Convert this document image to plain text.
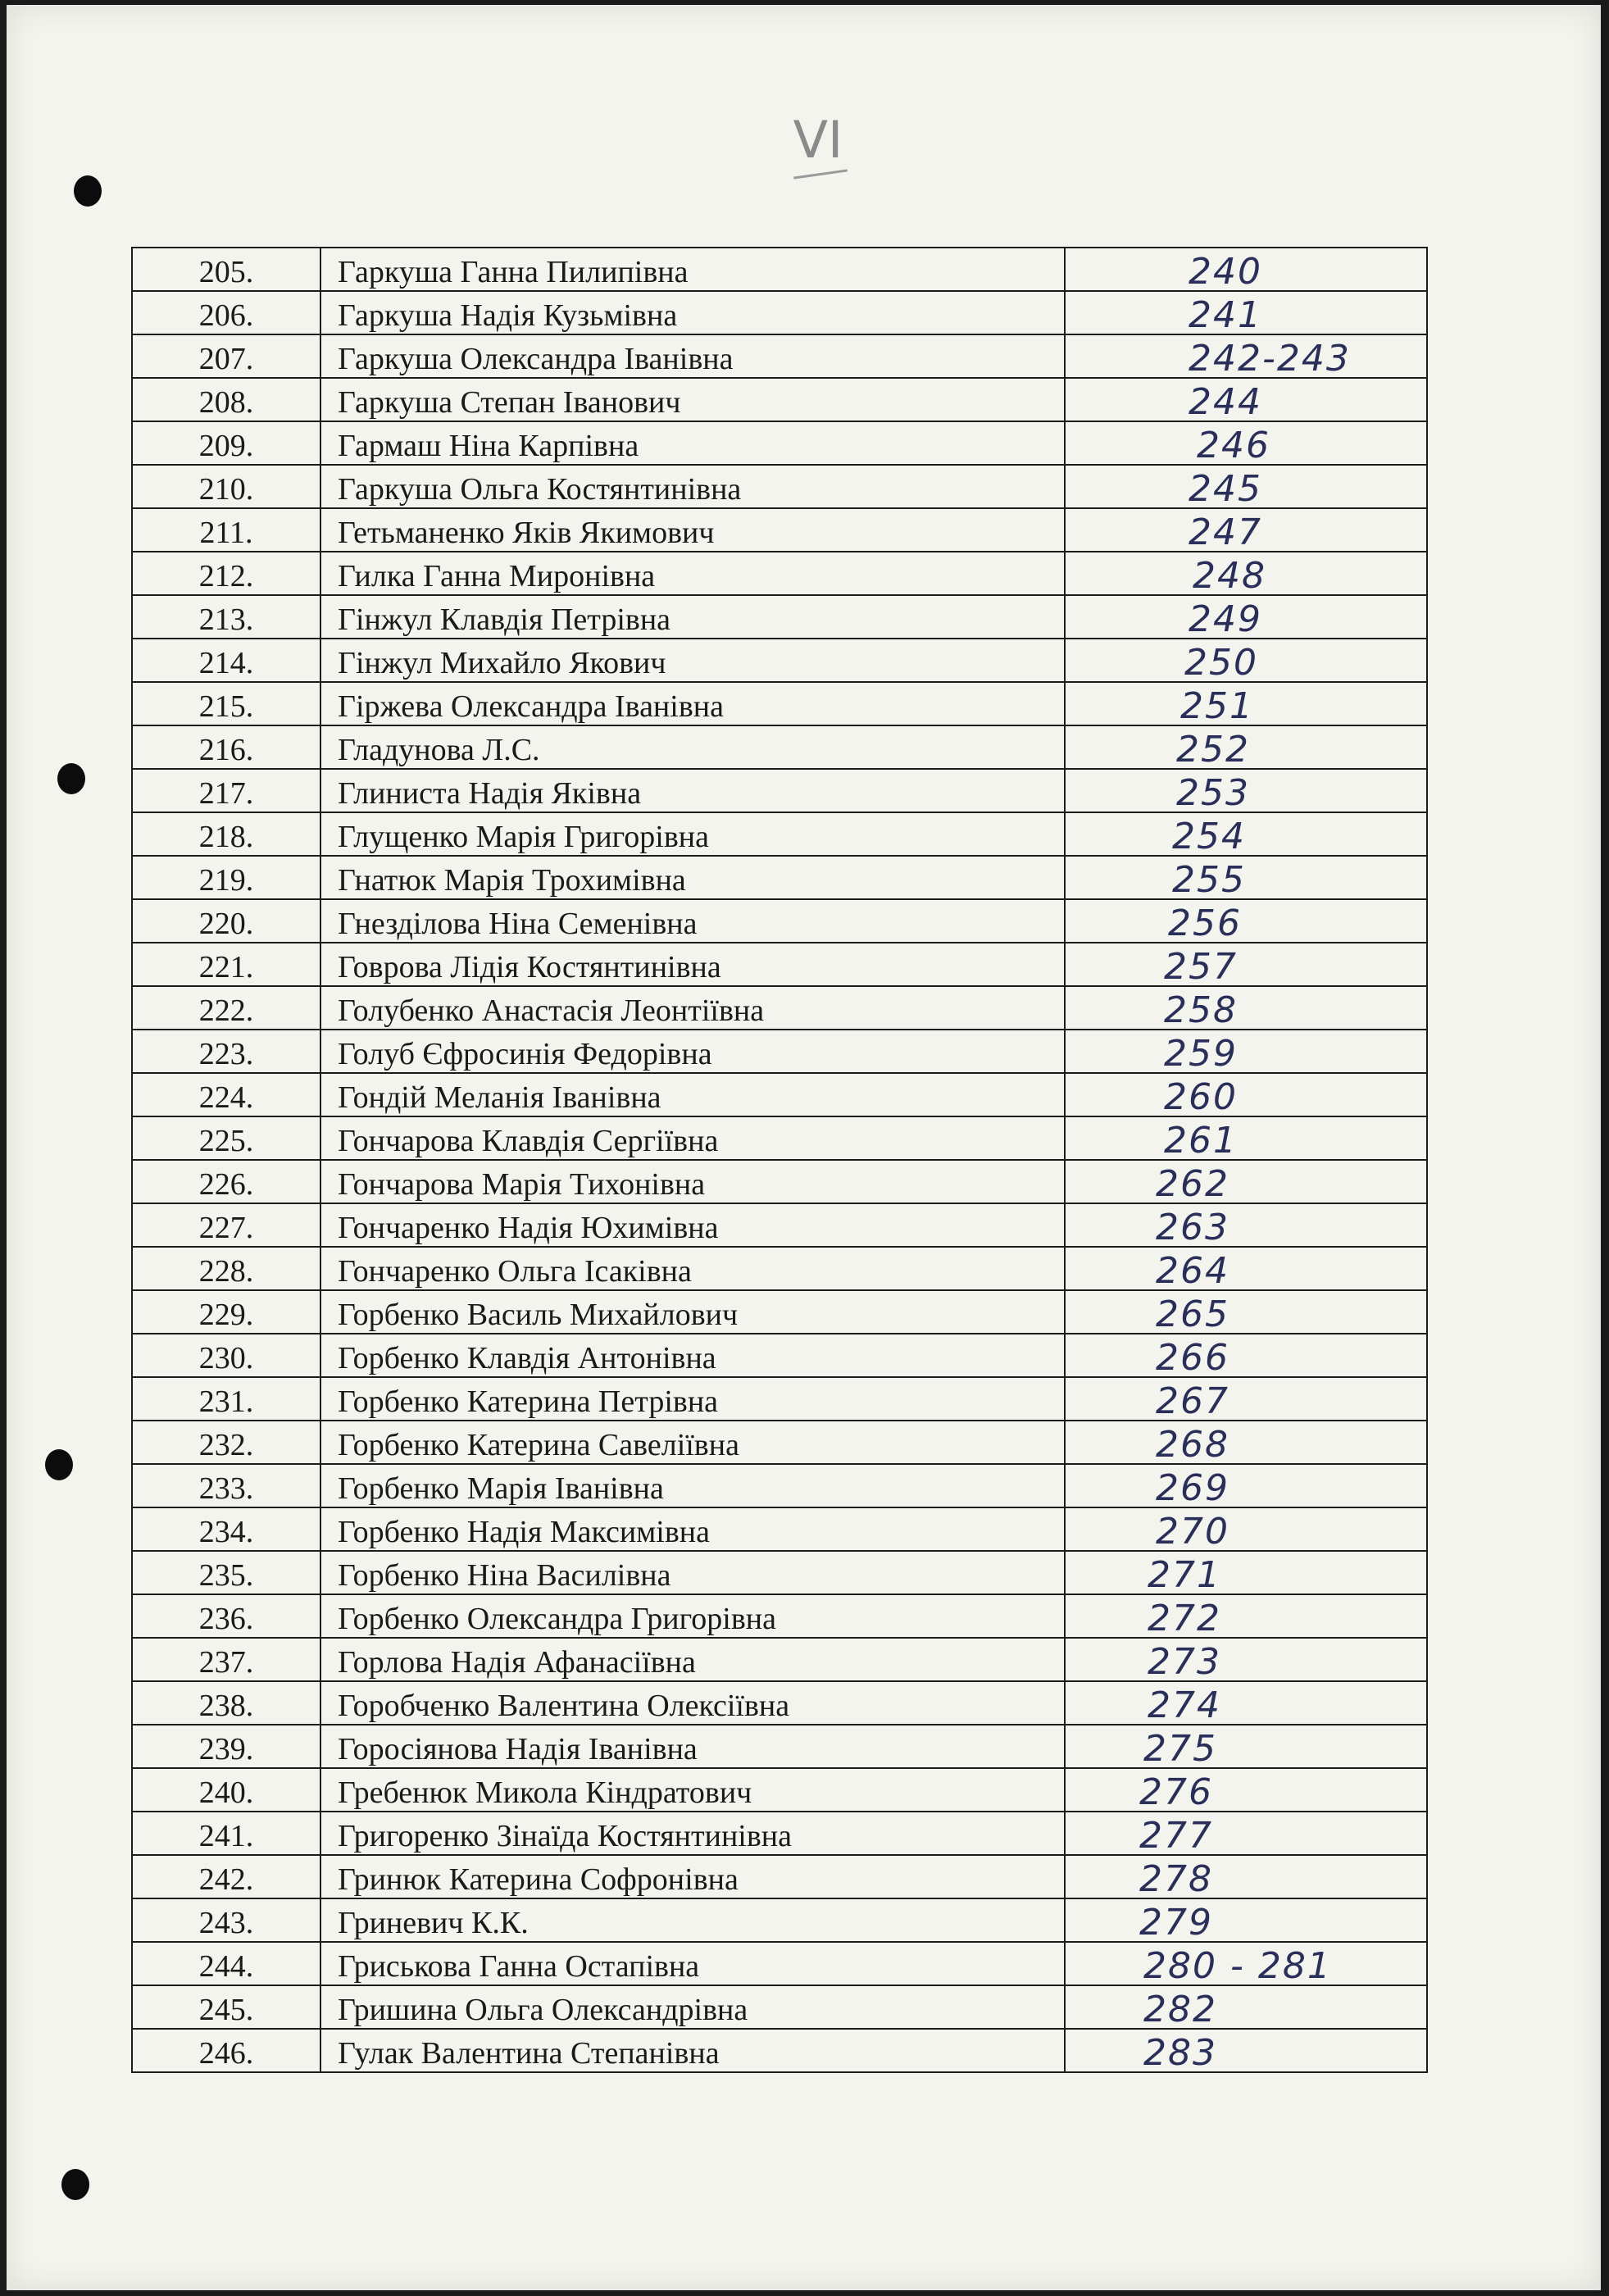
VI
205.	Гаркуша Ганна Пилипівна	240
206.	Гаркуша Надія Кузьмівна	241
207.	Гаркуша Олександра Іванівна	242-243
208.	Гаркуша Степан Іванович	244
209.	Гармаш Ніна Карпівна	246
210.	Гаркуша Ольга Костянтинівна	245
211.	Гетьманенко Яків Якимович	247
212.	Гилка Ганна Миронівна	248
213.	Гінжул Клавдія Петрівна	249
214.	Гінжул Михайло Якович	250
215.	Гіржева Олександра Іванівна	251
216.	Гладунова Л.С.	252
217.	Глиниста Надія Яківна	253
218.	Глущенко Марія Григорівна	254
219.	Гнатюк Марія Трохимівна	255
220.	Гнезділова Ніна Семенівна	256
221.	Говрова Лідія Костянтинівна	257
222.	Голубенко Анастасія Леонтіївна	258
223.	Голуб Єфросинія Федорівна	259
224.	Гондій Меланія Іванівна	260
225.	Гончарова Клавдія Сергіївна	261
226.	Гончарова Марія Тихонівна	262
227.	Гончаренко Надія Юхимівна	263
228.	Гончаренко Ольга Ісаківна	264
229.	Горбенко Василь Михайлович	265
230.	Горбенко Клавдія Антонівна	266
231.	Горбенко Катерина Петрівна	267
232.	Горбенко Катерина Савеліївна	268
233.	Горбенко Марія Іванівна	269
234.	Горбенко Надія Максимівна	270
235.	Горбенко Ніна Василівна	271
236.	Горбенко Олександра Григорівна	272
237.	Горлова Надія Афанасіївна	273
238.	Горобченко Валентина Олексіївна	274
239.	Горосіянова Надія Іванівна	275
240.	Гребенюк Микола Кіндратович	276
241.	Григоренко Зінаїда Костянтинівна	277
242.	Гринюк Катерина Софронівна	278
243.	Гриневич К.К.	279
244.	Гриськова Ганна Остапівна	280 - 281
245.	Гришина Ольга Олександрівна	282
246.	Гулак Валентина Степанівна	283
